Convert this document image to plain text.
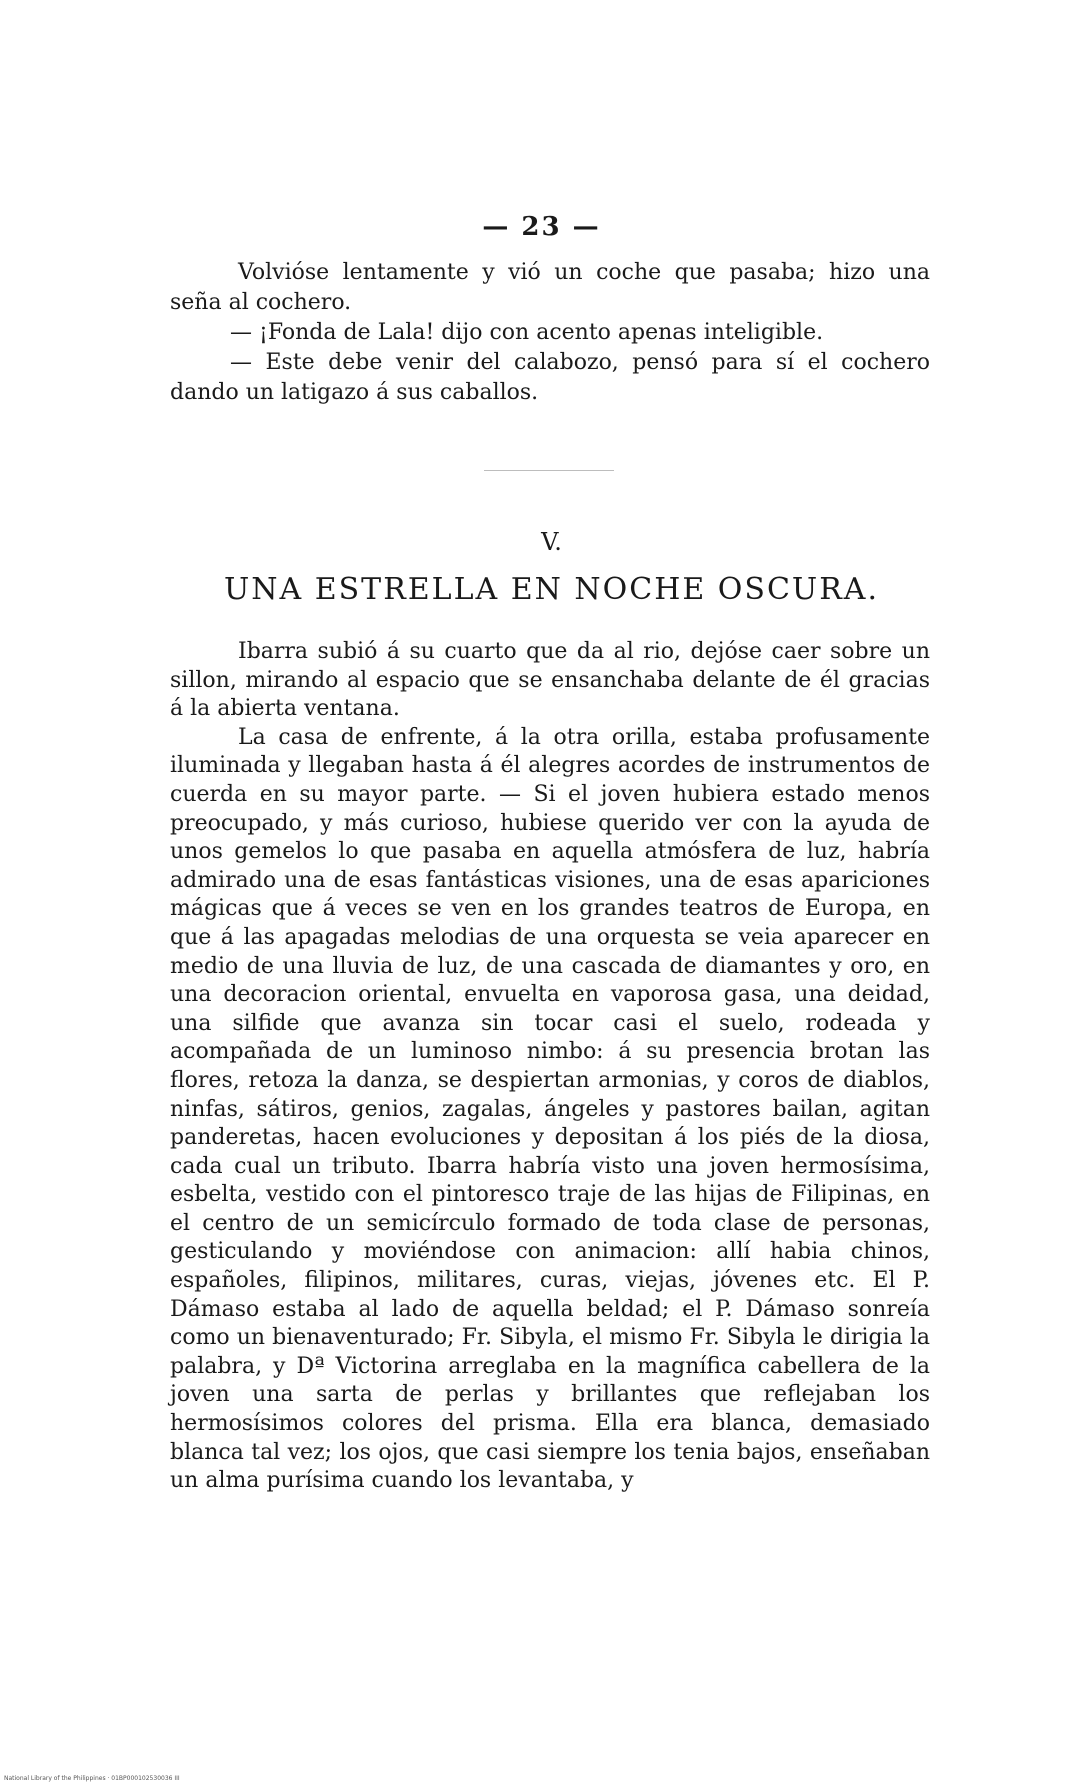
— 23 —

Volvióse lentamente y vió un coche que pasaba; hizo una seña al cochero.

— ¡Fonda de Lala! dijo con acento apenas inteligible.

— Este debe venir del calabozo, pensó para sí el cochero dando un latigazo á sus caballos.

V.
UNA ESTRELLA EN NOCHE OSCURA.

Ibarra subió á su cuarto que da al rio, dejóse caer sobre un sillon, mirando al espacio que se ensanchaba delante de él gracias á la abierta ventana.

La casa de enfrente, á la otra orilla, estaba profusamente iluminada y llegaban hasta á él alegres acordes de instrumentos de cuerda en su mayor parte. — Si el joven hubiera estado menos preocupado, y más curioso, hubiese querido ver con la ayuda de unos gemelos lo que pasaba en aquella atmósfera de luz, habría admirado una de esas fantásticas visiones, una de esas apariciones mágicas que á veces se ven en los grandes teatros de Europa, en que á las apagadas melodias de una orquesta se veia aparecer en medio de una lluvia de luz, de una cascada de diamantes y oro, en una decoracion oriental, envuelta en vaporosa gasa, una deidad, una silfide que avanza sin tocar casi el suelo, rodeada y acompañada de un luminoso nimbo: á su presencia brotan las flores, retoza la danza, se despiertan armonias, y coros de diablos, ninfas, sátiros, genios, zagalas, ángeles y pastores bailan, agitan panderetas, hacen evoluciones y depositan á los piés de la diosa, cada cual un tributo. Ibarra habría visto una joven hermosísima, esbelta, vestido con el pintoresco traje de las hijas de Filipinas, en el centro de un semicírculo formado de toda clase de personas, gesticulando y moviéndose con animacion: allí habia chinos, españoles, filipinos, militares, curas, viejas, jóvenes etc. El P. Dámaso estaba al lado de aquella beldad; el P. Dámaso sonreía como un bienaventurado; Fr. Sibyla, el mismo Fr. Sibyla le dirigia la palabra, y Dª Victorina arreglaba en la magnífica cabellera de la joven una sarta de perlas y brillantes que reflejaban los hermosísimos colores del prisma. Ella era blanca, demasiado blanca tal vez; los ojos, que casi siempre los tenia bajos, enseñaban un alma purísima cuando los levantaba, y

National Library of the Philippines · 01BP000102530036 III
